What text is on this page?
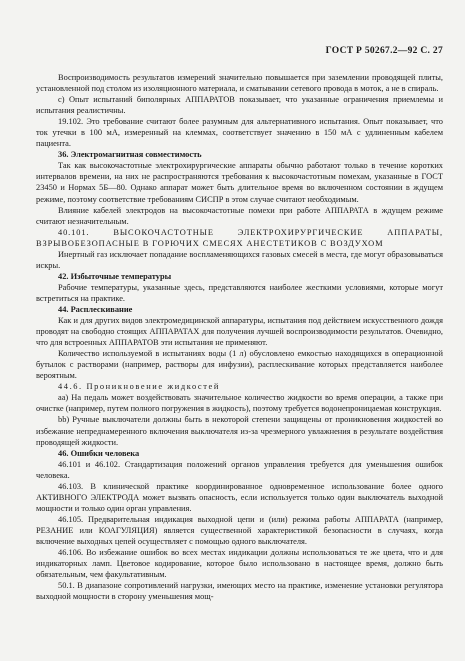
ГОСТ Р 50267.2—92 С. 27

Воспроизводимость результатов измерений значительно повышается при заземлении проводящей плиты, установленной под столом из изоляционного материала, и сматывании сетевого провода в моток, а не в спираль.

с) Опыт испытаний биполярных АППАРАТОВ показывает, что указанные ограничения приемлемы и испытания реалистичны.

19.102. Это требование считают более разумным для альтернативного испытания. Опыт показывает, что ток утечки в 100 мА, измеренный на клеммах, соответствует значению в 150 мА с удлиненным кабелем пациента.

36. Электромагнитная совместимость

Так как высокочастотные электрохирургические аппараты обычно работают только в течение коротких интервалов времени, на них не распространяются требования к высокочастотным помехам, указанные в ГОСТ 23450 и Нормах 5Б—80. Однако аппарат может быть длительное время во включенном состоянии в ждущем режиме, поэтому соответствие требованиям СИСПР в этом случае считают необходимым.

Влияние кабелей электродов на высокочастотные помехи при работе АППАРАТА в ждущем режиме считают незначительным.

40.101. ВЫСОКОЧАСТОТНЫЕ ЭЛЕКТРОХИРУРГИЧЕСКИЕ АППАРАТЫ, ВЗРЫВОБЕЗОПАСНЫЕ В ГОРЮЧИХ СМЕСЯХ АНЕСТЕТИКОВ С ВОЗДУХОМ

Инертный газ исключает попадание воспламеняющихся газовых смесей в места, где могут образовываться искры.

42. Избыточные температуры

Рабочие температуры, указанные здесь, представляются наиболее жесткими условиями, которые могут встретиться на практике.

44. Расплескивание

Как и для других видов электромедицинской аппаратуры, испытания под действием искусственного дождя проводят на свободно стоящих АППАРАТАХ для получения лучшей воспроизводимости результатов. Очевидно, что для встроенных АППАРАТОВ эти испытания не применяют.

Количество используемой в испытаниях воды (1 л) обусловлено емкостью находящихся в операционной бутылок с растворами (например, растворы для инфузии), расплескивание которых представляется наиболее вероятным.

44.6. Проникновение жидкостей

aa) На педаль может воздействовать значительное количество жидкости во время операции, а также при очистке (например, путем полного погружения в жидкость), поэтому требуется водонепроницаемая конструкция.

bb) Ручные выключатели должны быть в некоторой степени защищены от проникновения жидкостей во избежание непреднамеренного включения выключателя из-за чрезмерного увлажнения в результате воздействия проводящей жидкости.

46. Ошибки человека

46.101 и 46.102. Стандартизация положений органов управления требуется для уменьшения ошибок человека.

46.103. В клинической практике координированное одновременное использование более одного АКТИВНОГО ЭЛЕКТРОДА может вызвать опасность, если используется только один выключатель выходной мощности и только один орган управления.

46.105. Предварительная индикация выходной цепи и (или) режима работы АППАРАТА (например, РЕЗАНИЕ или КОАГУЛЯЦИЯ) является существенной характеристикой безопасности в случаях, когда включение выходных цепей осуществляет с помощью одного выключателя.

46.106. Во избежание ошибок во всех местах индикации должны использоваться те же цвета, что и для индикаторных ламп. Цветовое кодирование, которое было использовано в настоящее время, должно быть обязательным, чем факультативным.

50.1. В диапазоне сопротивлений нагрузки, имеющих место на практике, изменение установки регулятора выходной мощности в сторону уменьшения мощ-
